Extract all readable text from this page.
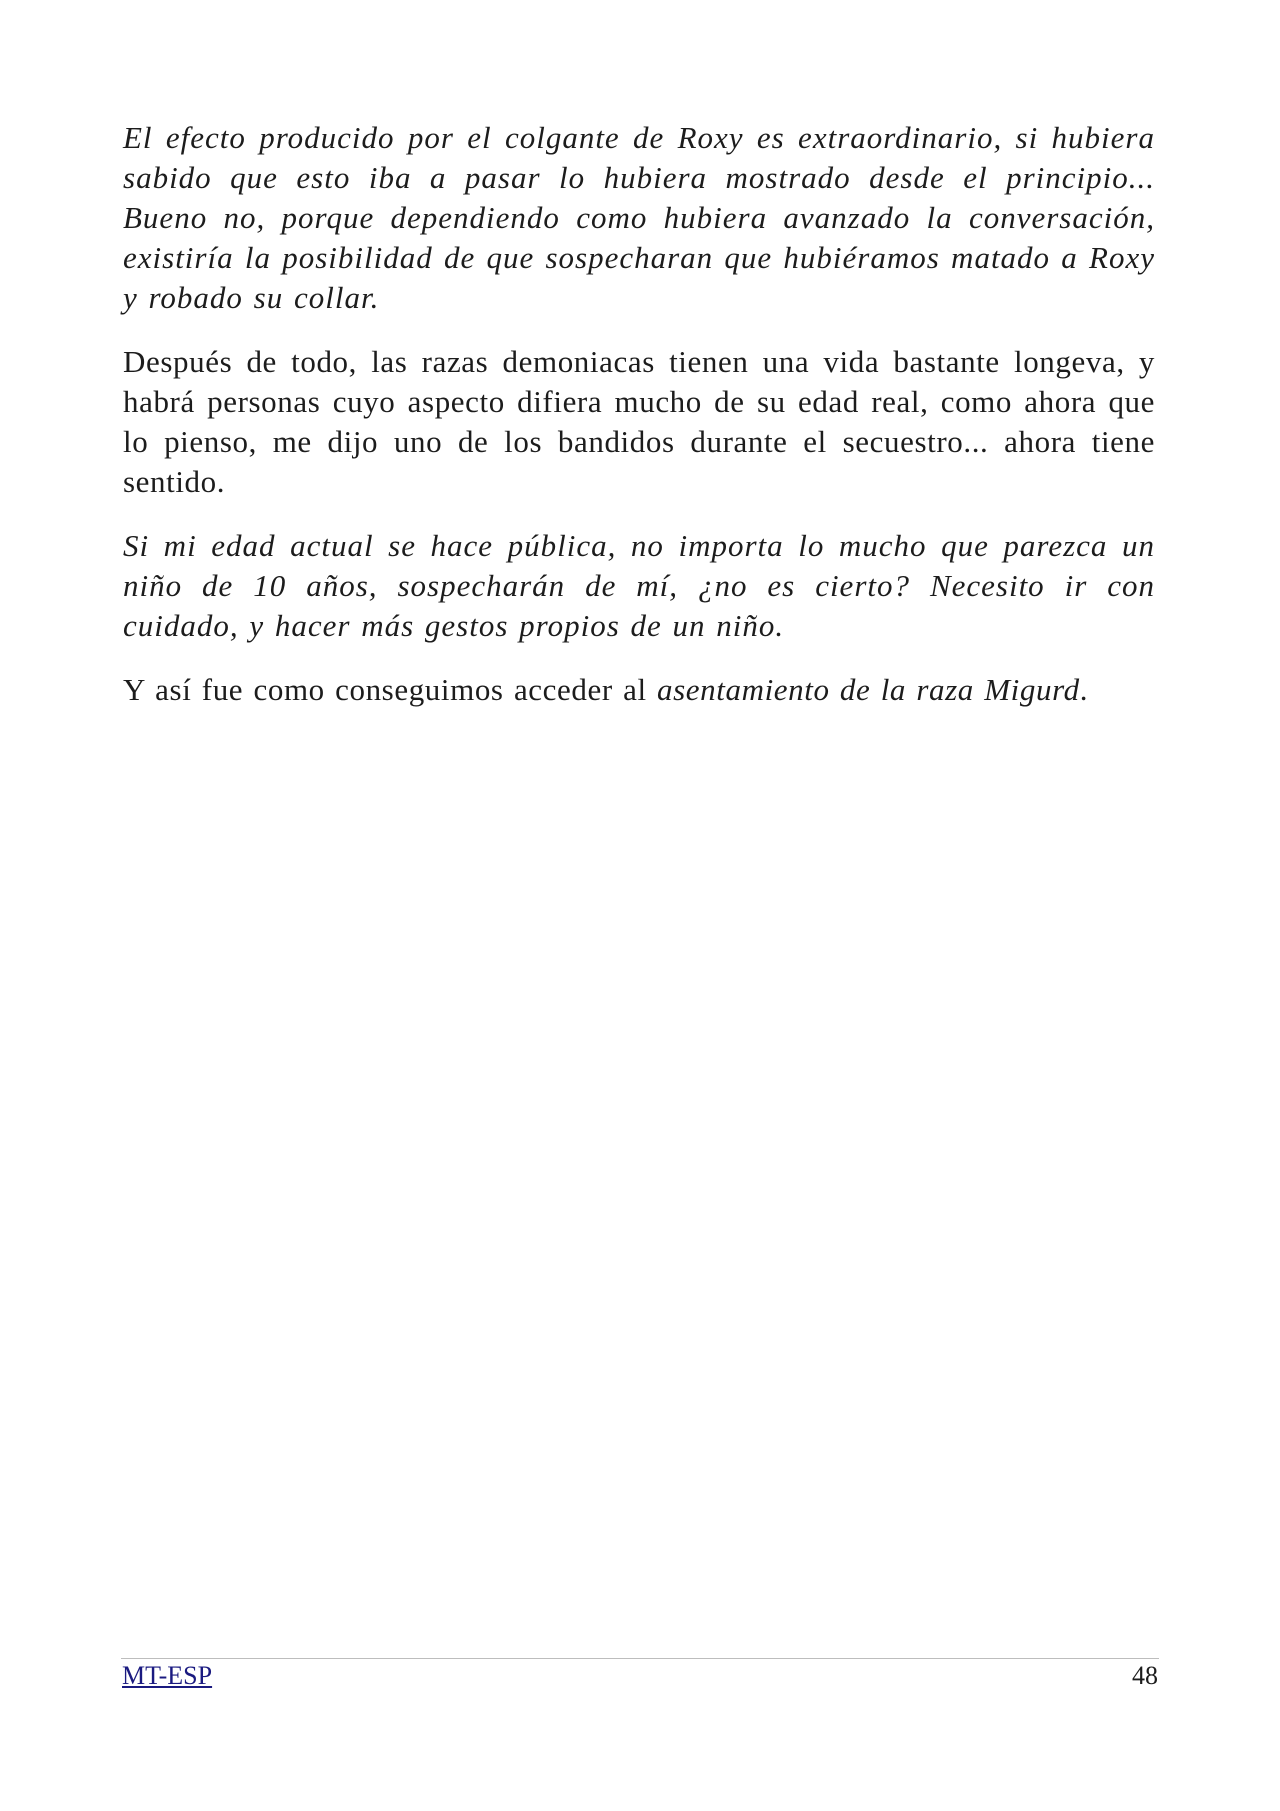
El efecto producido por el colgante de Roxy es extraordinario, si hubiera sabido que esto iba a pasar lo hubiera mostrado desde el principio... Bueno no, porque dependiendo como hubiera avanzado la conversación, existiría la posibilidad de que sospecharan que hubiéramos matado a Roxy y robado su collar.

Después de todo, las razas demoniacas tienen una vida bastante longeva, y habrá personas cuyo aspecto difiera mucho de su edad real, como ahora que lo pienso, me dijo uno de los bandidos durante el secuestro... ahora tiene sentido.

Si mi edad actual se hace pública, no importa lo mucho que parezca un niño de 10 años, sospecharán de mí, ¿no es cierto? Necesito ir con cuidado, y hacer más gestos propios de un niño.

Y así fue como conseguimos acceder al asentamiento de la raza Migurd.

MT-ESP	48
